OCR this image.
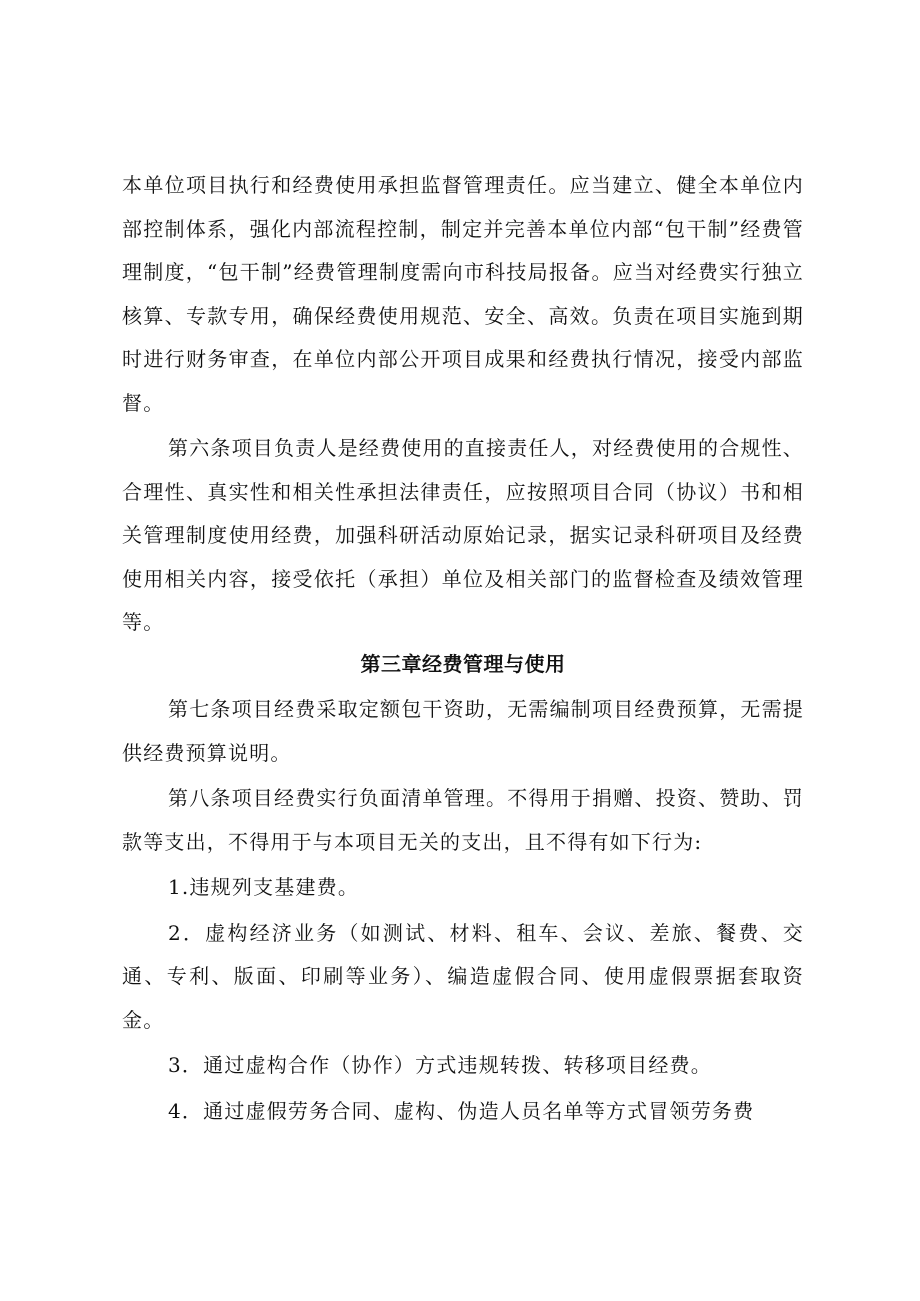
本单位项目执行和经费使用承担监督管理责任。应当建立、健全本单位内部控制体系，强化内部流程控制，制定并完善本单位内部“包干制”经费管理制度，“包干制”经费管理制度需向市科技局报备。应当对经费实行独立核算、专款专用，确保经费使用规范、安全、高效。负责在项目实施到期时进行财务审查，在单位内部公开项目成果和经费执行情况，接受内部监督。

第六条项目负责人是经费使用的直接责任人，对经费使用的合规性、合理性、真实性和相关性承担法律责任，应按照项目合同（协议）书和相关管理制度使用经费，加强科研活动原始记录，据实记录科研项目及经费使用相关内容，接受依托（承担）单位及相关部门的监督检查及绩效管理等。

第三章经费管理与使用

第七条项目经费采取定额包干资助，无需编制项目经费预算，无需提供经费预算说明。

第八条项目经费实行负面清单管理。不得用于捐赠、投资、赞助、罚款等支出，不得用于与本项目无关的支出，且不得有如下行为:

1.违规列支基建费。

2．虚构经济业务（如测试、材料、租车、会议、差旅、餐费、交通、专利、版面、印刷等业务）、编造虚假合同、使用虚假票据套取资金。

3．通过虚构合作（协作）方式违规转拨、转移项目经费。

4．通过虚假劳务合同、虚构、伪造人员名单等方式冒领劳务费
